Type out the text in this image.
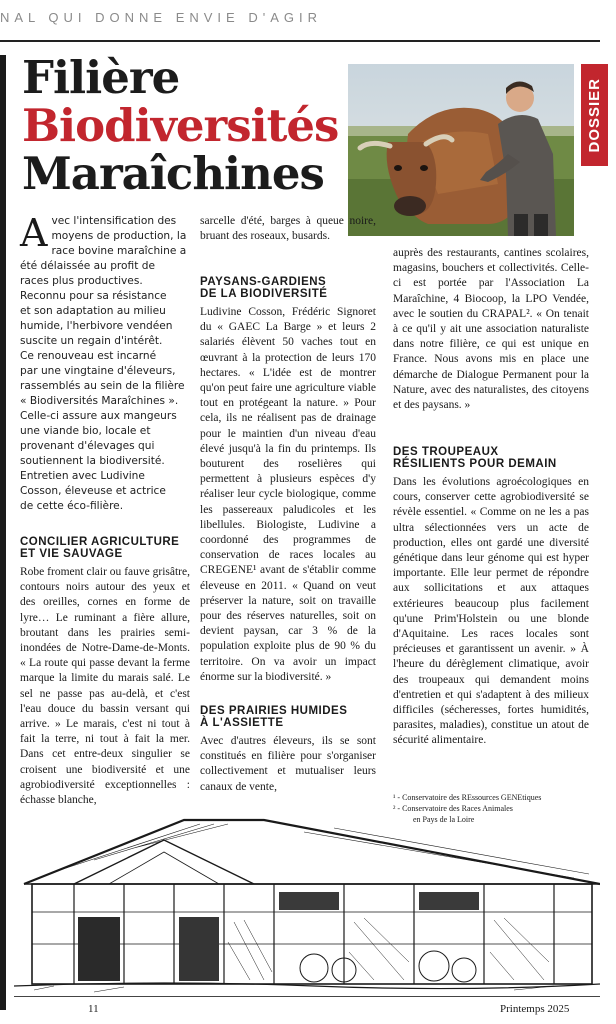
NAL QUI DONNE ENVIE D'AGIR
Filière
Biodiversités
Maraîchines
DOSSIER

A vec l'intensification des
moyens de production, la
race bovine maraîchine a
été délaissée au profit de
races plus productives.
Reconnu pour sa résistance
et son adaptation au milieu
humide, l'herbivore vendéen
suscite un regain d'intérêt.
Ce renouveau est incarné
par une vingtaine d'éleveurs,
rassemblés au sein de la filière
« Biodiversités Maraîchines ».
Celle-ci assure aux mangeurs
une viande bio, locale et
provenant d'élevages qui
soutiennent la biodiversité.
Entretien avec Ludivine
Cosson, éleveuse et actrice
de cette éco-filière.

CONCILIER AGRICULTURE
ET VIE SAUVAGE

Robe froment clair ou fauve grisâtre, contours noirs autour des yeux et des oreilles, cornes en forme de lyre… Le ruminant a fière allure, broutant dans les prairies semi-inondées de Notre-Dame-de-Monts. « La route qui passe devant la ferme marque la limite du marais salé. Le sel ne passe pas au-delà, et c'est l'eau douce du bassin versant qui arrive. » Le marais, c'est ni tout à fait la terre, ni tout à fait la mer. Dans cet entre-deux singulier se croisent une biodiversité et une agrobiodiversité exceptionnelles : échasse blanche,

sarcelle d'été, barges à queue noire, bruant des roseaux, busards.

PAYSANS-GARDIENS
DE LA BIODIVERSITÉ

Ludivine Cosson, Frédéric Signoret du « GAEC La Barge » et leurs 2 salariés élèvent 50 vaches tout en œuvrant à la protection de leurs 170 hectares. « L'idée est de montrer qu'on peut faire une agriculture viable tout en protégeant la nature. » Pour cela, ils ne réalisent pas de drainage pour le maintien d'un niveau d'eau élevé jusqu'à la fin du printemps. Ils bouturent des roselières qui permettent à plusieurs espèces d'y réaliser leur cycle biologique, comme les passereaux paludicoles et les libellules. Biologiste, Ludivine a coordonné des programmes de conservation de races locales au CREGENE¹ avant de s'établir comme éleveuse en 2011. « Quand on veut préserver la nature, soit on travaille pour des réserves naturelles, soit on devient paysan, car 3 % de la population exploite plus de 90 % du territoire. On va avoir un impact énorme sur la biodiversité. »

DES PRAIRIES HUMIDES
À L'ASSIETTE

Avec d'autres éleveurs, ils se sont constitués en filière pour s'organiser collectivement et mutualiser leurs canaux de vente,

auprès des restaurants, cantines scolaires, magasins, bouchers et collectivités. Celle-ci est portée par l'Association La Maraîchine, 4 Biocoop, la LPO Vendée, avec le soutien du CRAPAL². « On tenait à ce qu'il y ait une association naturaliste dans notre filière, ce qui est unique en France. Nous avons mis en place une démarche de Dialogue Permanent pour la Nature, avec des naturalistes, des citoyens et des paysans. »

DES TROUPEAUX
RÉSILIENTS POUR DEMAIN

Dans les évolutions agroécologiques en cours, conserver cette agrobiodiversité se révèle essentiel. « Comme on ne les a pas ultra sélectionnées vers un acte de production, elles ont gardé une diversité génétique dans leur génome qui est hyper importante. Elle leur permet de répondre aux sollicitations et aux attaques extérieures beaucoup plus facilement qu'une Prim'Holstein ou une blonde d'Aquitaine. Les races locales sont précieuses et garantissent un avenir. » À l'heure du dérèglement climatique, avoir des troupeaux qui demandent moins d'entretien et qui s'adaptent à des milieux difficiles (sécheresses, fortes humidités, parasites, maladies), constitue un atout de sécurité alimentaire.

¹ - Conservatoire des REssources GENEtiques
² - Conservatoire des Races Animales
en Pays de la Loire
11	Printemps 2025
